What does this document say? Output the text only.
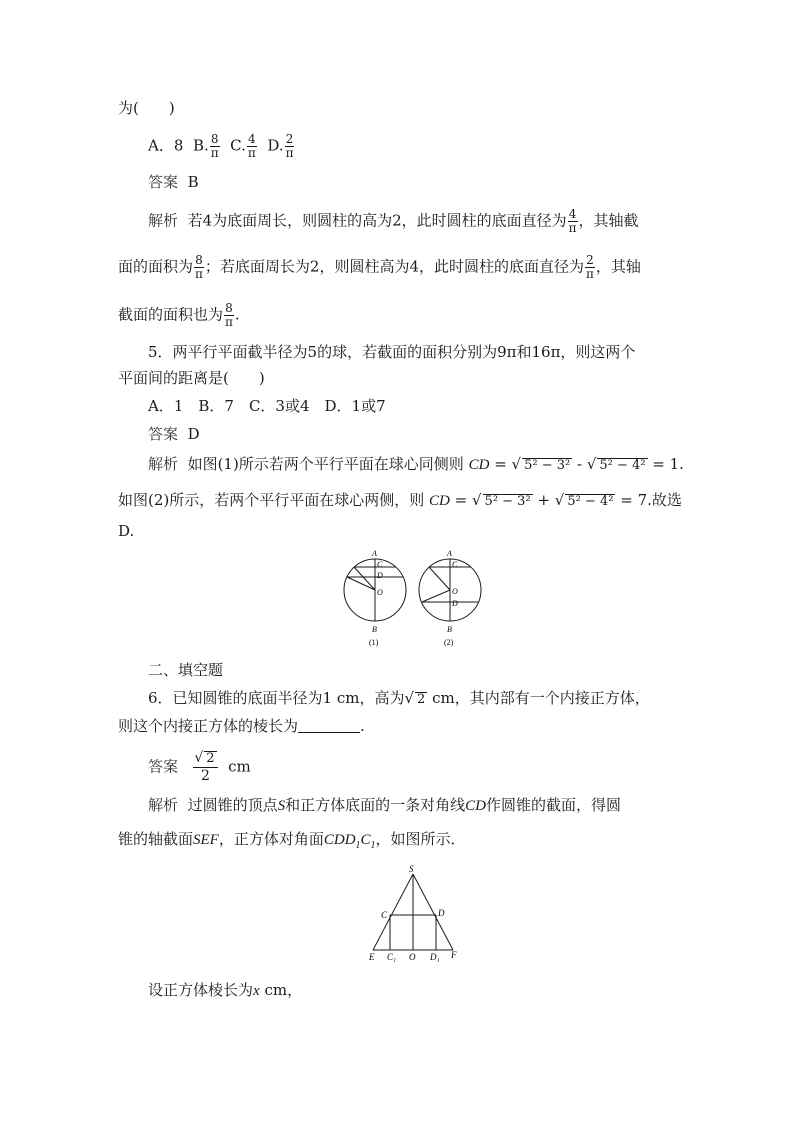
为(　　)
A．8 B. $\frac{8}{\pi} C$. $\frac{4}{\pi} D$. $\frac{2}{\pi}$
答案 B
解析 若4为底面周长，则圆柱的高为2，此时圆柱的底面直径为 $\frac{4}{\pi}$ ，其轴截
面的面积为 $\frac{8}{\pi}$ ；若底面周长为2，则圆柱高为4，此时圆柱的底面直径为 $\frac{2}{\pi}$ ，其轴
截面的面积也为 $\frac{8}{\pi}$ .
5．两平行平面截半径为5的球，若截面的面积分别为9π和16π，则这两个
平面间的距离是(　　)
A．1　B．7　C．3或4　D．1或7
答案 D
解析 如图(1)所示若两个平行平面在球心同侧则 CD = √ 5² − 3² - √ 5² − 4² = 1.
如图(2)所示，若两个平行平面在球心两侧，则 CD = √ 5² − 3² + √ 5² − 4² = 7.故选
D.
A
C
D
O
B
(1)
A
C
O
D
B
(2)
二、填空题
6．已知圆锥的底面半径为1 cm，高为√ 2 cm，其内部有一个内接正方体，
则这个内接正方体的棱长为	.
答案 $\frac{√ 2}{2}$ cm
解析 过圆锥的顶点S和正方体底面的一条对角线CD作圆锥的截面，得圆
锥的轴截面SEF，正方体对角面$CDD_1C_1$，如图所示．
S
C	D
E C₁ O D₁ F
设正方体棱长为x cm，
